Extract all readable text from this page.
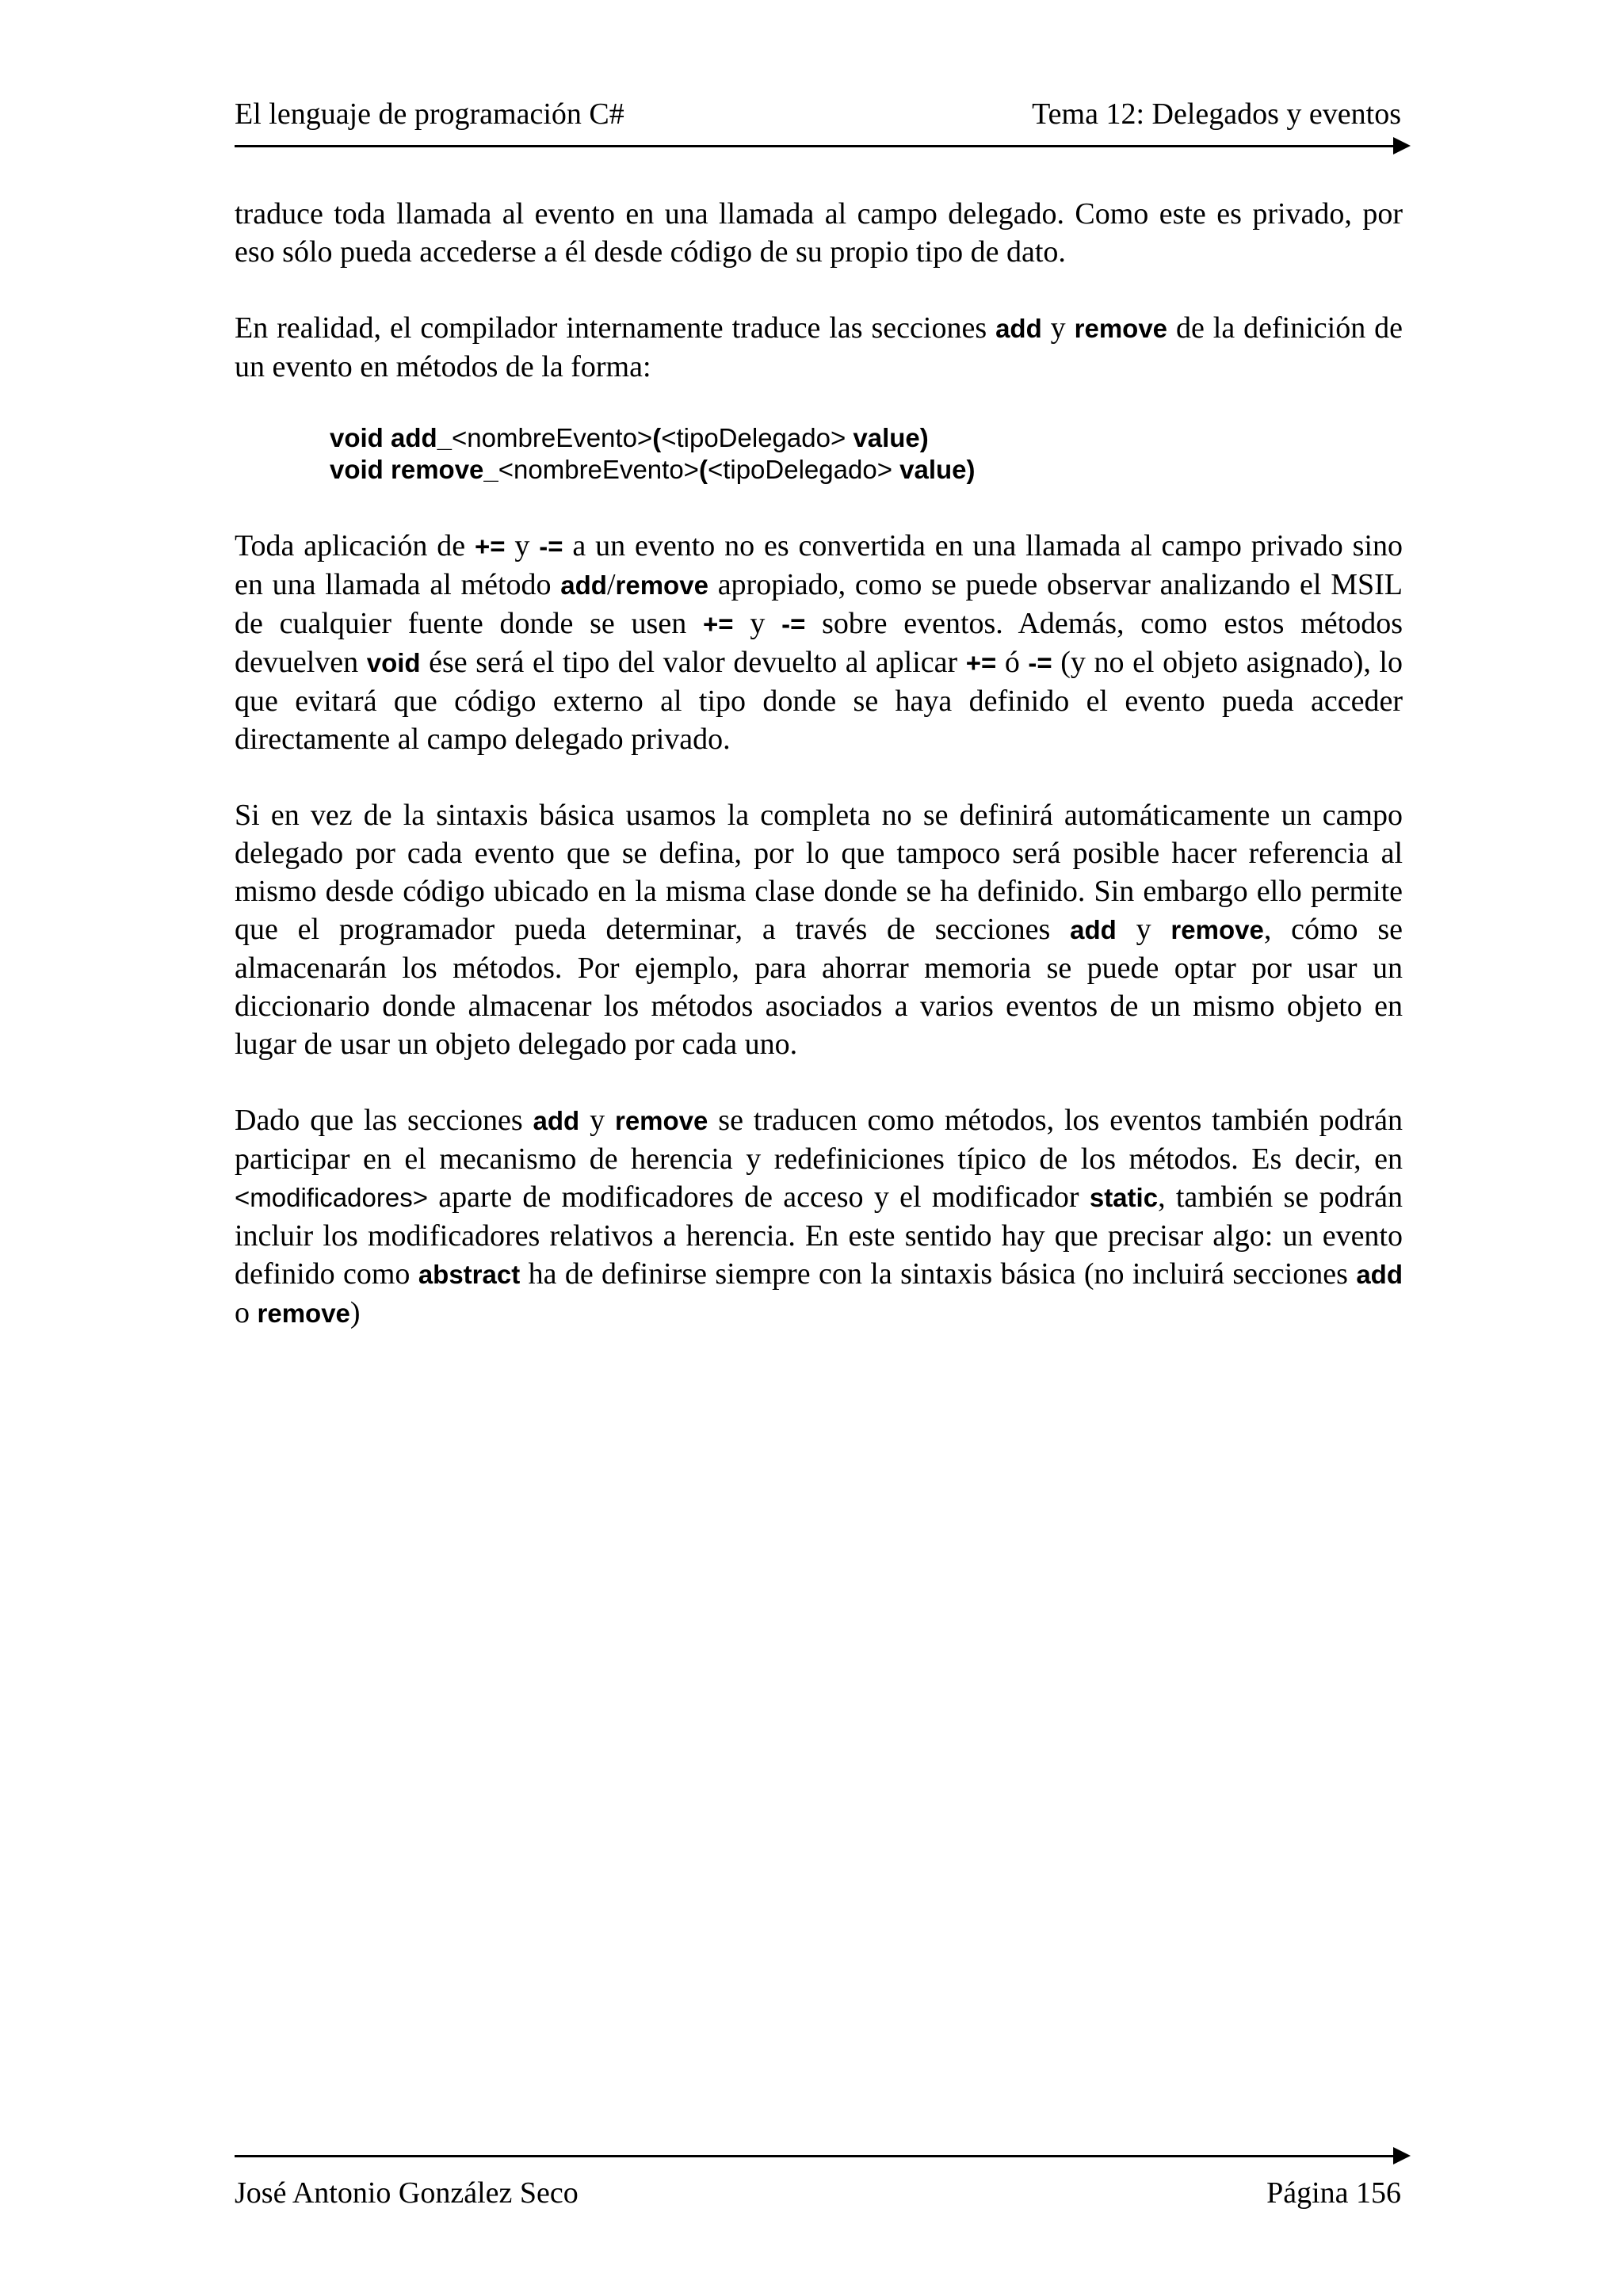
El lenguaje de programación C#	Tema 12: Delegados y eventos

traduce toda llamada al evento en una llamada al campo delegado. Como este es privado, por eso sólo pueda accederse a él desde código de su propio tipo de dato.

En realidad, el compilador internamente traduce las secciones add y remove de la definición de un evento en métodos de la forma:

void add_<nombreEvento>(<tipoDelegado> value)
void remove_<nombreEvento>(<tipoDelegado> value)

Toda aplicación de += y -= a un evento no es convertida en una llamada al campo privado sino en una llamada al método add/remove apropiado, como se puede observar analizando el MSIL de cualquier fuente donde se usen += y -= sobre eventos. Además, como estos métodos devuelven void ése será el tipo del valor devuelto al aplicar += ó -= (y no el objeto asignado), lo que evitará que código externo al tipo donde se haya definido el evento pueda acceder directamente al campo delegado privado.

Si en vez de la sintaxis básica usamos la completa no se definirá automáticamente un campo delegado por cada evento que se defina, por lo que tampoco será posible hacer referencia al mismo desde código ubicado en la misma clase donde se ha definido. Sin embargo ello permite que el programador pueda determinar, a través de secciones add y remove, cómo se almacenarán los métodos. Por ejemplo, para ahorrar memoria se puede optar por usar un diccionario donde almacenar los métodos asociados a varios eventos de un mismo objeto en lugar de usar un objeto delegado por cada uno.

Dado que las secciones add y remove se traducen como métodos, los eventos también podrán participar en el mecanismo de herencia y redefiniciones típico de los métodos. Es decir, en <modificadores> aparte de modificadores de acceso y el modificador static, también se podrán incluir los modificadores relativos a herencia. En este sentido hay que precisar algo: un evento definido como abstract ha de definirse siempre con la sintaxis básica (no incluirá secciones add o remove)

José Antonio González Seco	Página 156
